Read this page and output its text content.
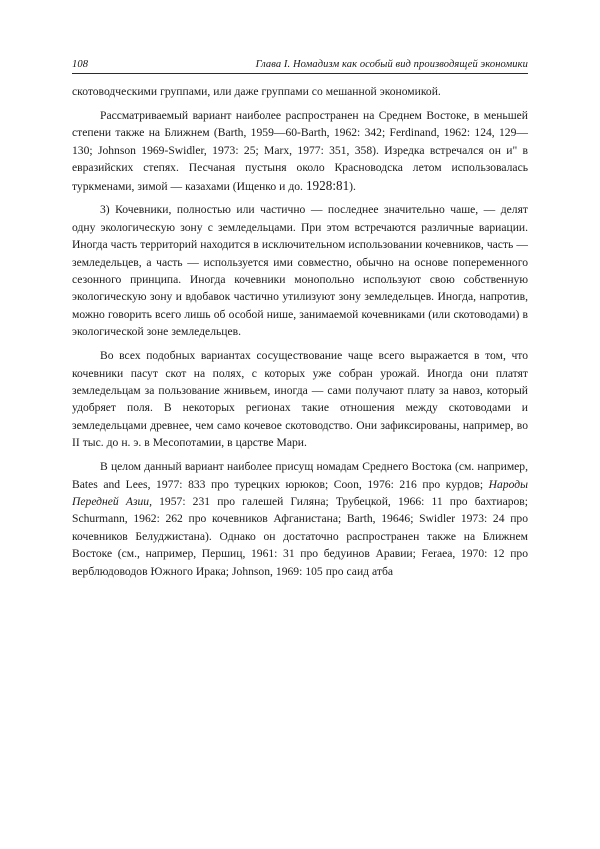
108	Глава I. Номадизм как особый вид производящей экономики

скотоводческими группами, или даже группами со мешанной экономикой.

Рассматриваемый вариант наиболее распространен на Среднем Востоке, в меньшей степени также на Ближнем (Barth, 1959—60-Barth, 1962: 342; Ferdinand, 1962: 124, 129—130; Johnson 1969-Swidler, 1973: 25; Marx, 1977: 351, 358). Изредка встречался он и" в евразийских степях. Песчаная пустыня около Красноводска летом использовалась туркменами, зимой — казахами (Ищенко и до. 1928:81).

3) Кочевники, полностью или частично — последнее значительно чаше, — делят одну экологическую зону с земледельцами. При этом встречаются различные вариации. Иногда часть территорий находится в исключительном использовании кочевников, часть — земледельцев, а часть — используется ими совместно, обычно на основе попеременного сезонного принципа. Иногда кочевники монопольно используют свою собственную экологическую зону и вдобавок частично утилизуют зону земледельцев. Иногда, напротив, можно говорить всего лишь об особой нише, занимаемой кочевниками (или скотоводами) в экологической зоне земледельцев.

Во всех подобных вариантах сосуществование чаще всего выражается в том, что кочевники пасут скот на полях, с которых уже собран урожай. Иногда они платят земледельцам за пользование жнивьем, иногда — сами получают плату за навоз, который удобряет поля. В некоторых регионах такие отношения между скотоводами и земледельцами древнее, чем само кочевое скотоводство. Они зафиксированы, например, во II тыс. до н. э. в Месопотамии, в царстве Мари.

В целом данный вариант наиболее присущ номадам Среднего Востока (см. например, Bates and Lees, 1977: 833 про турецких юрюков; Coon, 1976: 216 про курдов; Народы Передней Азии, 1957: 231 про галешей Гиляна; Трубецкой, 1966: 11 про бахтиаров; Schurmann, 1962: 262 про кочевников Афганистана; Barth, 19646; Swidler 1973: 24 про кочевников Белуджистана). Однако он достаточно распространен также на Ближнем Востоке (см., например, Першиц, 1961: 31 про бедуинов Аравии; Feraea, 1970: 12 про верблюдоводов Южного Ирака; Johnson, 1969: 105 про саид атба
